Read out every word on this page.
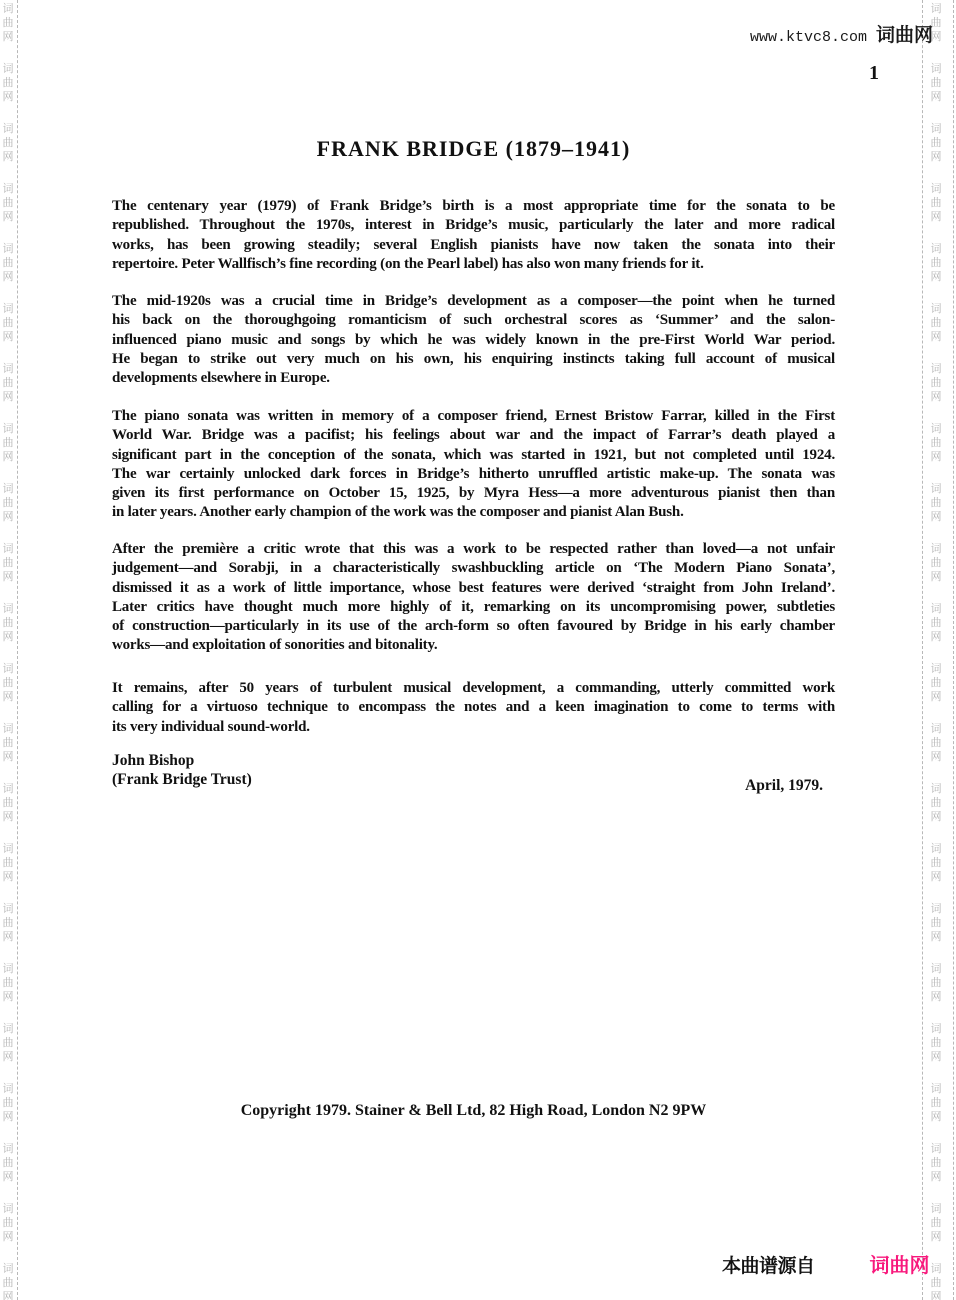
词
曲
网
词
曲
网
词
曲
网
词
曲
网
词
曲
网
词
曲
网
词
曲
网
词
曲
网
词
曲
网
词
曲
网
词
曲
网
词
曲
网
词
曲
网
词
曲
网
词
曲
网
词
曲
网
词
曲
网
词
曲
网
词
曲
网
词
曲
网
词
曲
网
词
曲
网
词
曲
网
词
曲
网
词
曲
网
词
曲
网
词
曲
网
词
曲
网
词
曲
网
词
曲
网
词
曲
网
词
曲
网
词
曲
网
词
曲
网
词
曲
网
词
曲
网
词
曲
网
词
曲
网
词
曲
网
词
曲
网
词
曲
网
词
曲
网
词
曲
网
词
曲
网
www.ktvc8.com 词曲网
1
FRANK BRIDGE (1879–1941)
The centenary year (1979) of Frank Bridge’s birth is a most appropriate time for the sonata to be
republished. Throughout the 1970s, interest in Bridge’s music, particularly the later and more radical
works, has been growing steadily; several English pianists have now taken the sonata into their
repertoire. Peter Wallfisch’s fine recording (on the Pearl label) has also won many friends for it.
The mid-1920s was a crucial time in Bridge’s development as a composer—the point when he turned
his back on the thoroughgoing romanticism of such orchestral scores as ‘Summer’ and the salon-
influenced piano music and songs by which he was widely known in the pre-First World War period.
He began to strike out very much on his own, his enquiring instincts taking full account of musical
developments elsewhere in Europe.
The piano sonata was written in memory of a composer friend, Ernest Bristow Farrar, killed in the First
World War. Bridge was a pacifist; his feelings about war and the impact of Farrar’s death played a
significant part in the conception of the sonata, which was started in 1921, but not completed until 1924.
The war certainly unlocked dark forces in Bridge’s hitherto unruffled artistic make-up. The sonata was
given its first performance on October 15, 1925, by Myra Hess—a more adventurous pianist then than
in later years. Another early champion of the work was the composer and pianist Alan Bush.
After the première a critic wrote that this was a work to be respected rather than loved—a not unfair
judgement—and Sorabji, in a characteristically swashbuckling article on ‘The Modern Piano Sonata’,
dismissed it as a work of little importance, whose best features were derived ‘straight from John Ireland’.
Later critics have thought much more highly of it, remarking on its uncompromising power, subtleties
of construction—particularly in its use of the arch-form so often favoured by Bridge in his early chamber
works—and exploitation of sonorities and bitonality.
It remains, after 50 years of turbulent musical development, a commanding, utterly committed work
calling for a virtuoso technique to encompass the notes and a keen imagination to come to terms with
its very individual sound-world.
John Bishop
(Frank Bridge Trust)	April, 1979.
Copyright 1979. Stainer & Bell Ltd, 82 High Road, London N2 9PW
本曲谱源自	词曲网
